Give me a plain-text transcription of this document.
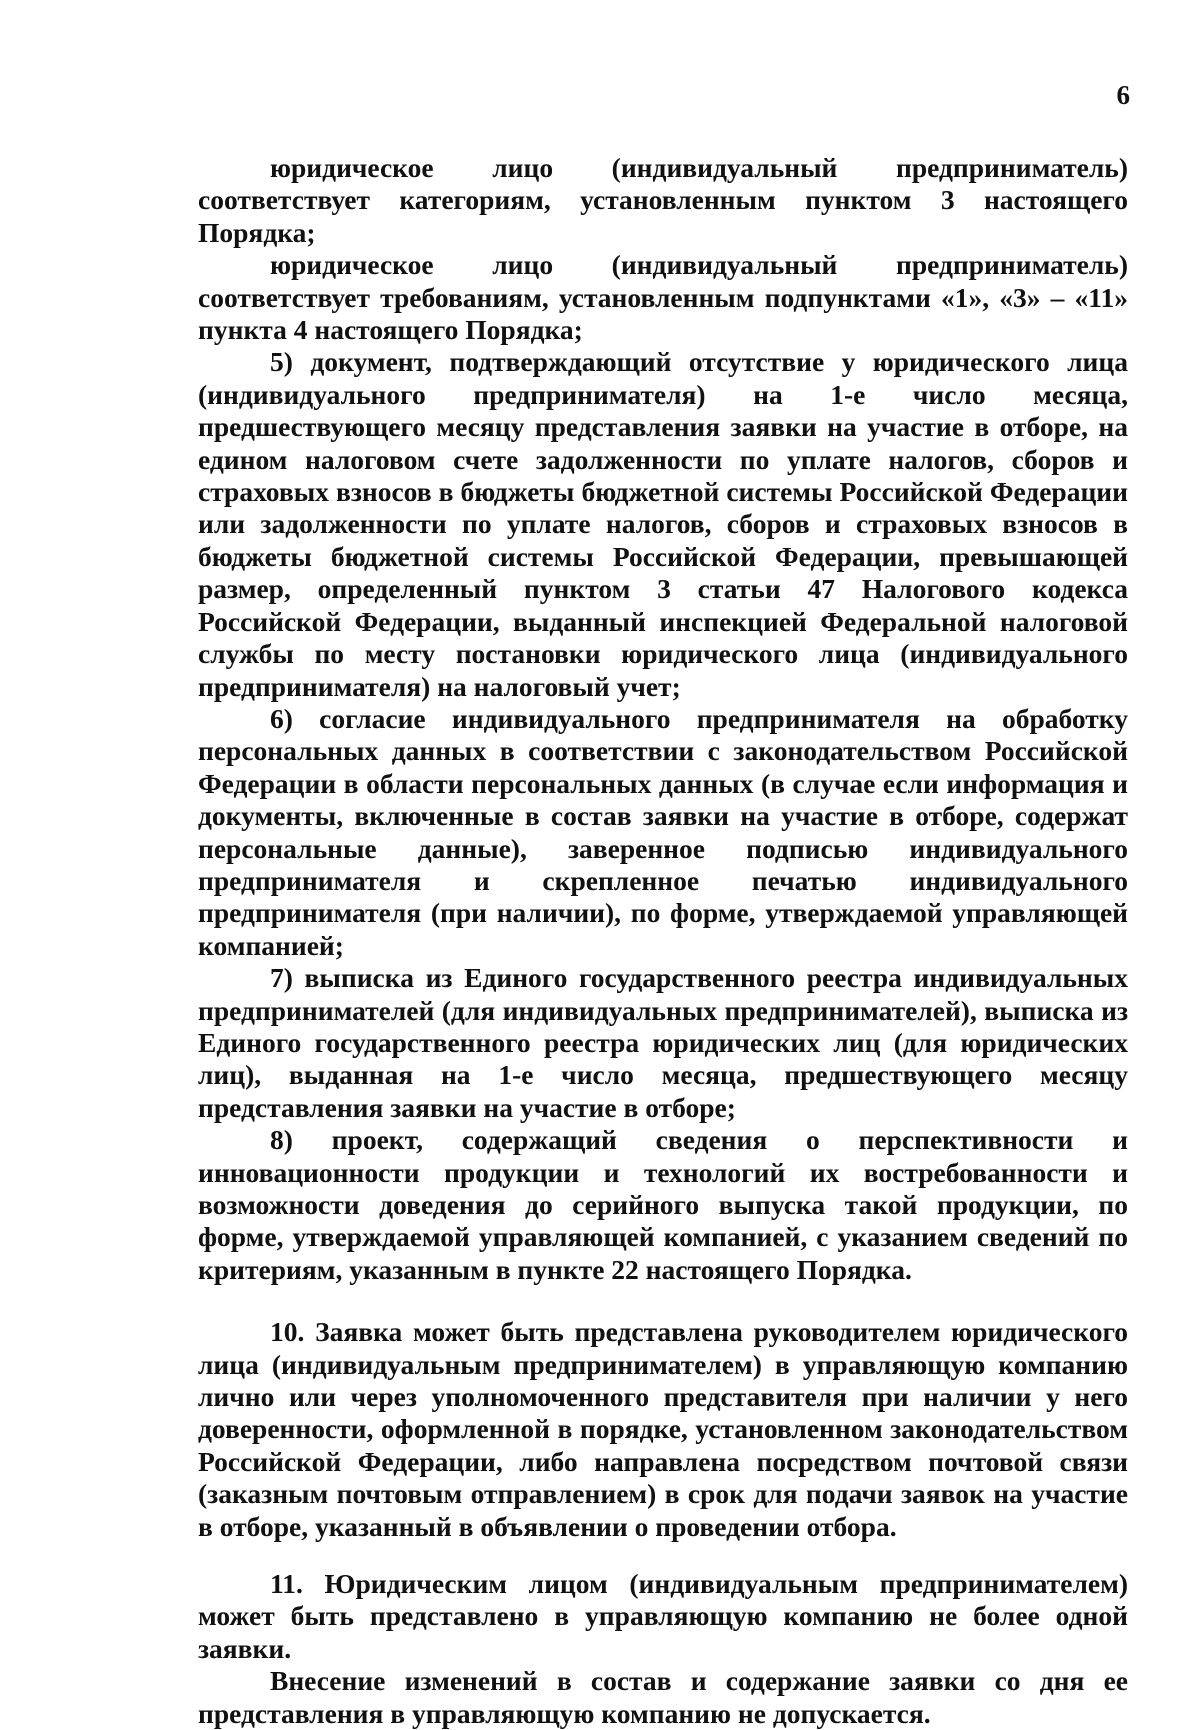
6

юридическое лицо (индивидуальный предприниматель) соответствует категориям, установленным пунктом 3 настоящего Порядка;

юридическое лицо (индивидуальный предприниматель) соответствует требованиям, установленным подпунктами «1», «3» – «11» пункта 4 настоящего Порядка;

5) документ, подтверждающий отсутствие у юридического лица (индивидуального предпринимателя) на 1-е число месяца, предшествующего месяцу представления заявки на участие в отборе, на едином налоговом счете задолженности по уплате налогов, сборов и страховых взносов в бюджеты бюджетной системы Российской Федерации или задолженности по уплате налогов, сборов и страховых взносов в бюджеты бюджетной системы Российской Федерации, превышающей размер, определенный пунктом 3 статьи 47 Налогового кодекса Российской Федерации, выданный инспекцией Федеральной налоговой службы по месту постановки юридического лица (индивидуального предпринимателя) на налоговый учет;

6) согласие индивидуального предпринимателя на обработку персональных данных в соответствии с законодательством Российской Федерации в области персональных данных (в случае если информация и документы, включенные в состав заявки на участие в отборе, содержат персональные данные), заверенное подписью индивидуального предпринимателя и скрепленное печатью индивидуального предпринимателя (при наличии), по форме, утверждаемой управляющей компанией;

7) выписка из Единого государственного реестра индивидуальных предпринимателей (для индивидуальных предпринимателей), выписка из Единого государственного реестра юридических лиц (для юридических лиц), выданная на 1-е число месяца, предшествующего месяцу представления заявки на участие в отборе;

8) проект, содержащий сведения о перспективности и инновационности продукции и технологий их востребованности и возможности доведения до серийного выпуска такой продукции, по форме, утверждаемой управляющей компанией, с указанием сведений по критериям, указанным в пункте 22 настоящего Порядка.

10. Заявка может быть представлена руководителем юридического лица (индивидуальным предпринимателем) в управляющую компанию лично или через уполномоченного представителя при наличии у него доверенности, оформленной в порядке, установленном законодательством Российской Федерации, либо направлена посредством почтовой связи (заказным почтовым отправлением) в срок для подачи заявок на участие в отборе, указанный в объявлении о проведении отбора.

11. Юридическим лицом (индивидуальным предпринимателем) может быть представлено в управляющую компанию не более одной заявки.

Внесение изменений в состав и содержание заявки со дня ее представления в управляющую компанию не допускается.
